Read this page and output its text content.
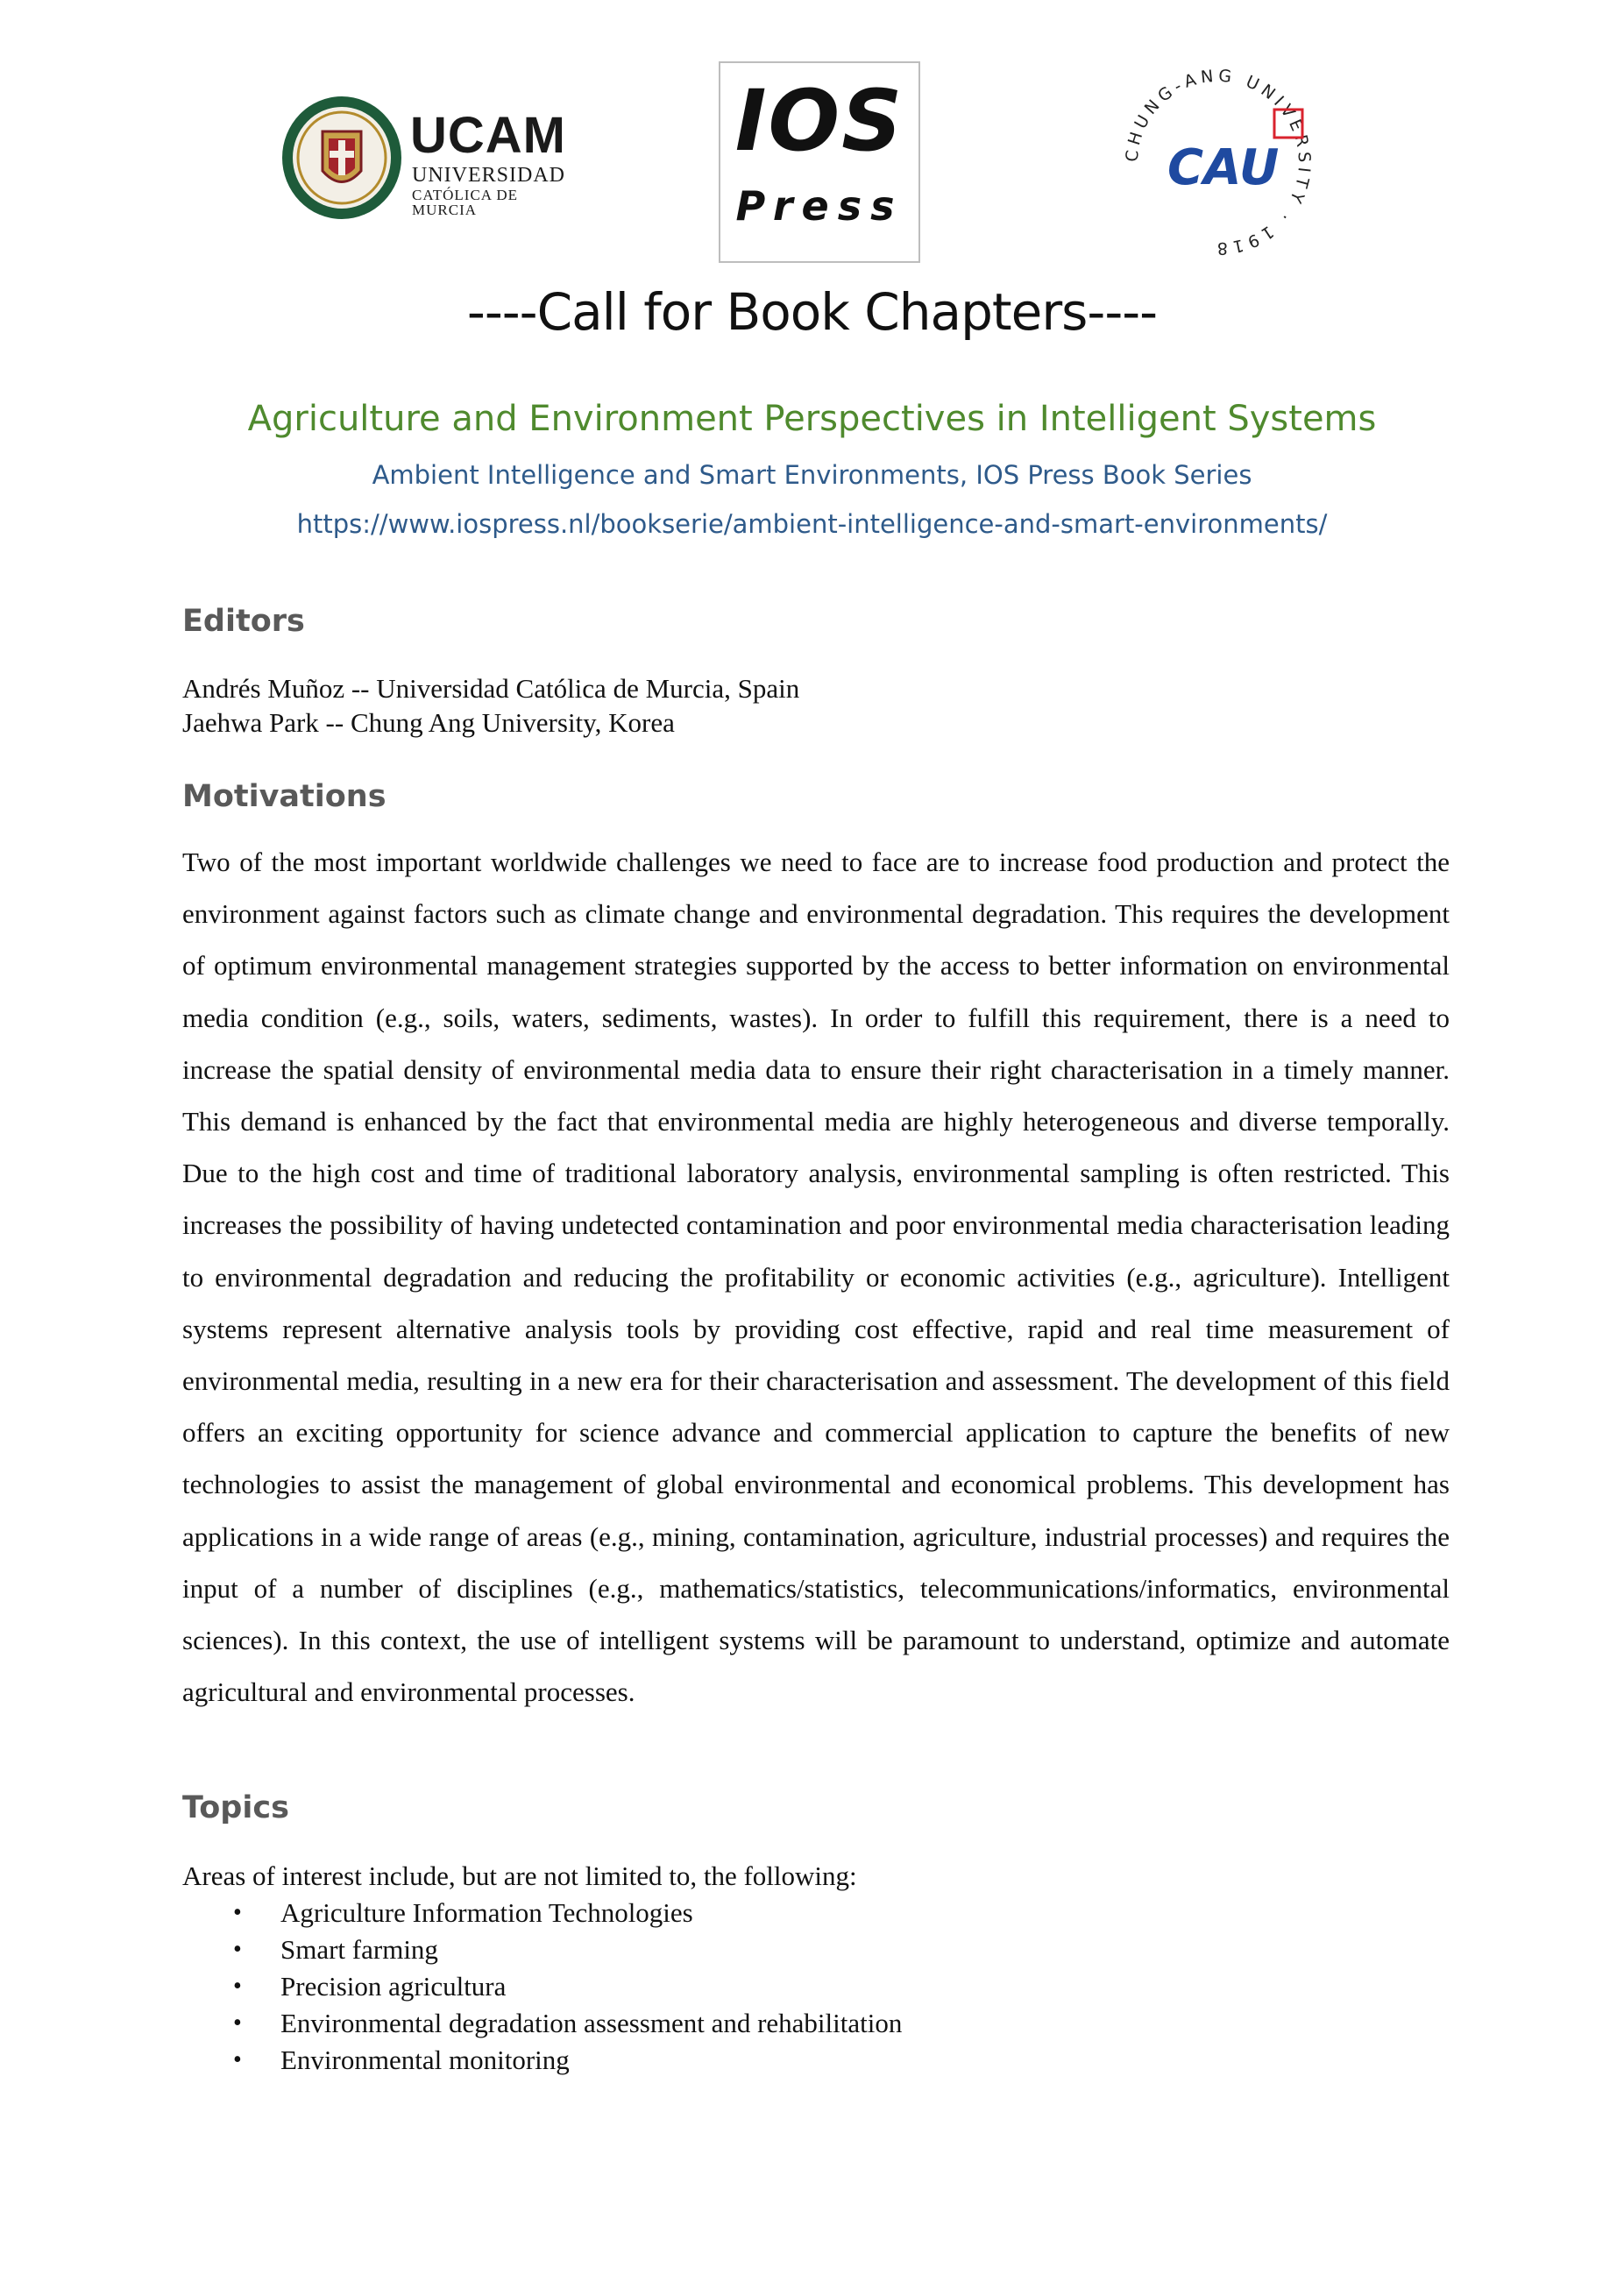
UCAM
UNIVERSIDAD
CATÓLICA DE MURCIA
IOS
Press
CHUNG-ANG UNIVERSITY · 1918
CAU
----Call for Book Chapters----
Agriculture and Environment Perspectives in Intelligent Systems
Ambient Intelligence and Smart Environments, IOS Press Book Series
https://www.iospress.nl/bookserie/ambient-intelligence-and-smart-environments/
Editors
Andrés Muñoz -- Universidad Católica de Murcia, Spain
Jaehwa Park -- Chung Ang University, Korea
Motivations

Two of the most important worldwide challenges we need to face are to increase food production and protect the environment against factors such as climate change and environmental degradation. This requires the development of optimum environmental management strategies supported by the access to better information on environmental media condition (e.g., soils, waters, sediments, wastes). In order to fulfill this requirement, there is a need to increase the spatial density of environmental media data to ensure their right characterisation in a timely manner. This demand is enhanced by the fact that environmental media are highly heterogeneous and diverse temporally. Due to the high cost and time of traditional laboratory analysis, environmental sampling is often restricted. This increases the possibility of having undetected contamination and poor environmental media characterisation leading to environmental degradation and reducing the profitability or economic activities (e.g., agriculture). Intelligent systems represent alternative analysis tools by providing cost effective, rapid and real time measurement of environmental media, resulting in a new era for their characterisation and assessment. The development of this field offers an exciting opportunity for science advance and commercial application to capture the benefits of new technologies to assist the management of global environmental and economical problems. This development has applications in a wide range of areas (e.g., mining, contamination, agriculture, industrial processes) and requires the input of a number of disciplines (e.g., mathematics/statistics, telecommunications/informatics, environmental sciences). In this context, the use of intelligent systems will be paramount to understand, optimize and automate agricultural and environmental processes.

Topics
Areas of interest include, but are not limited to, the following:
• Agriculture Information Technologies
• Smart farming
• Precision agricultura
• Environmental degradation assessment and rehabilitation
• Environmental monitoring
